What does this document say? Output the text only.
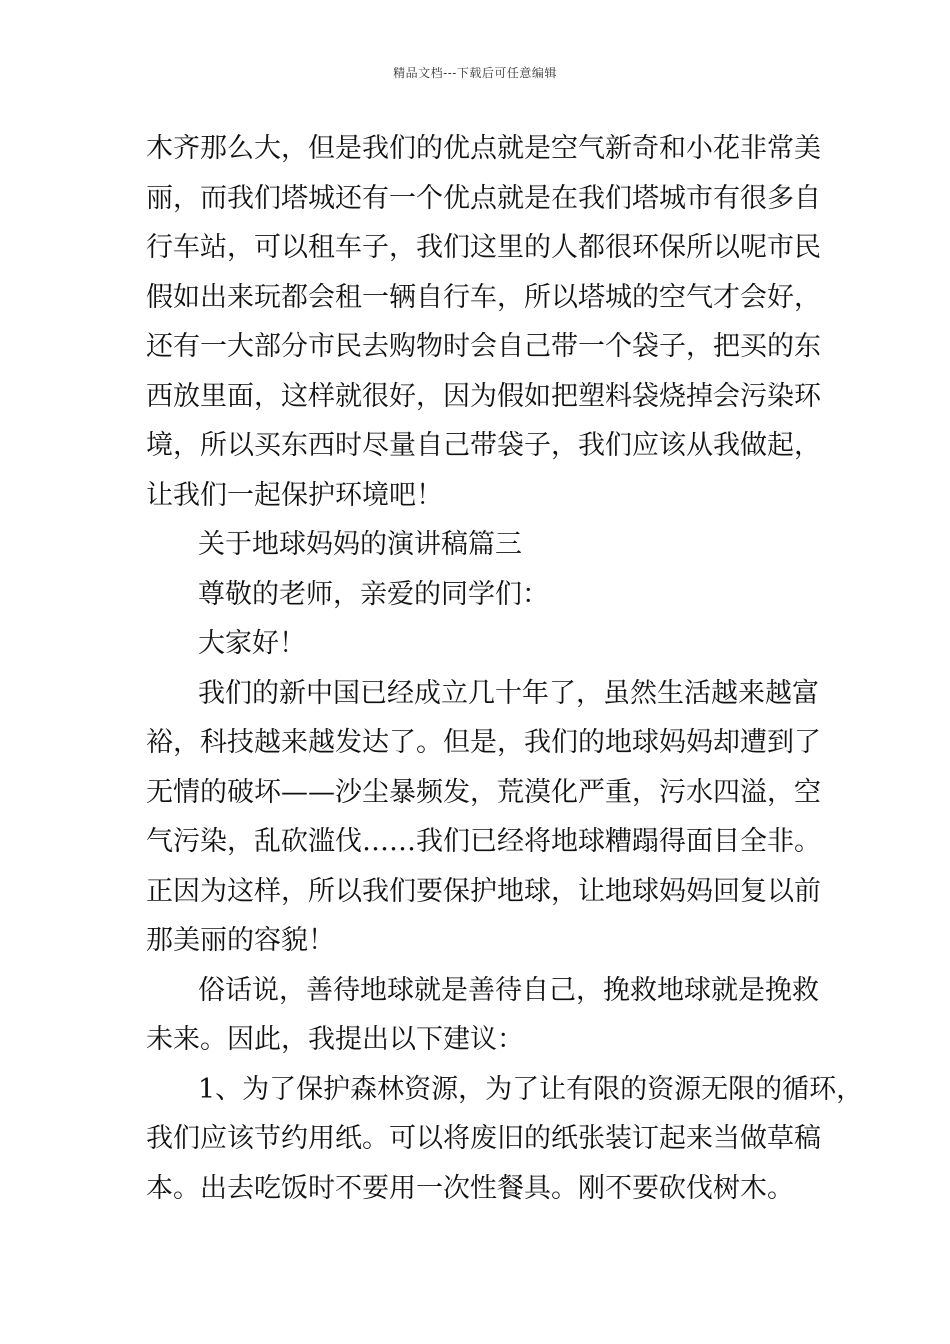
精品文档---下载后可任意编辑
木齐那么大，但是我们的优点就是空气新奇和小花非常美
丽，而我们塔城还有一个优点就是在我们塔城市有很多自
行车站，可以租车子，我们这里的人都很环保所以呢市民
假如出来玩都会租一辆自行车，所以塔城的空气才会好，
还有一大部分市民去购物时会自己带一个袋子，把买的东
西放里面，这样就很好，因为假如把塑料袋烧掉会污染环
境，所以买东西时尽量自己带袋子，我们应该从我做起，
让我们一起保护环境吧！
关于地球妈妈的演讲稿篇三
尊敬的老师，亲爱的同学们：
大家好！
我们的新中国已经成立几十年了，虽然生活越来越富
裕，科技越来越发达了。但是，我们的地球妈妈却遭到了
无情的破坏——沙尘暴频发，荒漠化严重，污水四溢，空
气污染，乱砍滥伐……我们已经将地球糟蹋得面目全非。
正因为这样，所以我们要保护地球，让地球妈妈回复以前
那美丽的容貌！
俗话说，善待地球就是善待自己，挽救地球就是挽救
未来。因此，我提出以下建议：
1、为了保护森林资源，为了让有限的资源无限的循环，
我们应该节约用纸。可以将废旧的纸张装订起来当做草稿
本。出去吃饭时不要用一次性餐具。刚不要砍伐树木。
